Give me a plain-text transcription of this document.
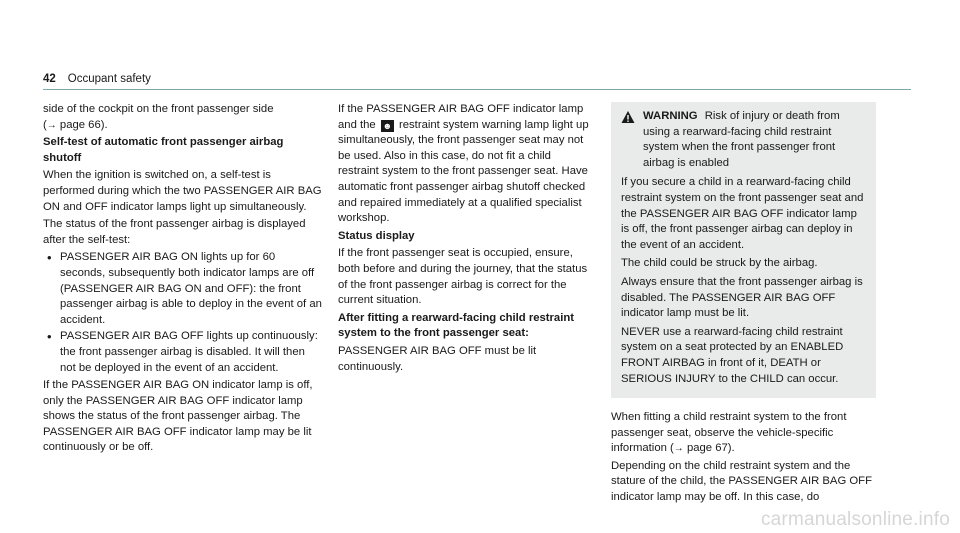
42 Occupant safety

side of the cockpit on the front passenger side
(→ page 66).

Self-test of automatic front passenger airbag shutoff

When the ignition is switched on, a self-test is performed during which the two PASSENGER AIR BAG ON and OFF indicator lamps light up simultaneously.

The status of the front passenger airbag is displayed after the self-test:

• PASSENGER AIR BAG ON lights up for 60 seconds, subsequently both indicator lamps are off (PASSENGER AIR BAG ON and OFF): the front passenger airbag is able to deploy in the event of an accident.
• PASSENGER AIR BAG OFF lights up continuously: the front passenger airbag is disabled. It will then not be deployed in the event of an accident.

If the PASSENGER AIR BAG ON indicator lamp is off, only the PASSENGER AIR BAG OFF indicator lamp shows the status of the front passenger airbag. The PASSENGER AIR BAG OFF indicator lamp may be lit continuously or be off.

If the PASSENGER AIR BAG OFF indicator lamp and the ☻ restraint system warning lamp light up simultaneously, the front passenger seat may not be used. Also in this case, do not fit a child restraint system to the front passenger seat. Have automatic front passenger airbag shutoff checked and repaired immediately at a qualified specialist workshop.

Status display

If the front passenger seat is occupied, ensure, both before and during the journey, that the status of the front passenger airbag is correct for the current situation.

After fitting a rearward-facing child restraint system to the front passenger seat:

PASSENGER AIR BAG OFF must be lit continuously.

WARNING Risk of injury or death from using a rearward-facing child restraint system when the front passenger front airbag is enabled

If you secure a child in a rearward-facing child restraint system on the front passenger seat and the PASSENGER AIR BAG OFF indicator lamp is off, the front passenger airbag can deploy in the event of an accident.

The child could be struck by the airbag.

Always ensure that the front passenger airbag is disabled. The PASSENGER AIR BAG OFF indicator lamp must be lit.

NEVER use a rearward-facing child restraint system on a seat protected by an ENABLED FRONT AIRBAG in front of it, DEATH or SERIOUS INJURY to the CHILD can occur.

When fitting a child restraint system to the front passenger seat, observe the vehicle-specific information (→ page 67).

Depending on the child restraint system and the stature of the child, the PASSENGER AIR BAG OFF indicator lamp may be off. In this case, do

carmanualsonline.info
